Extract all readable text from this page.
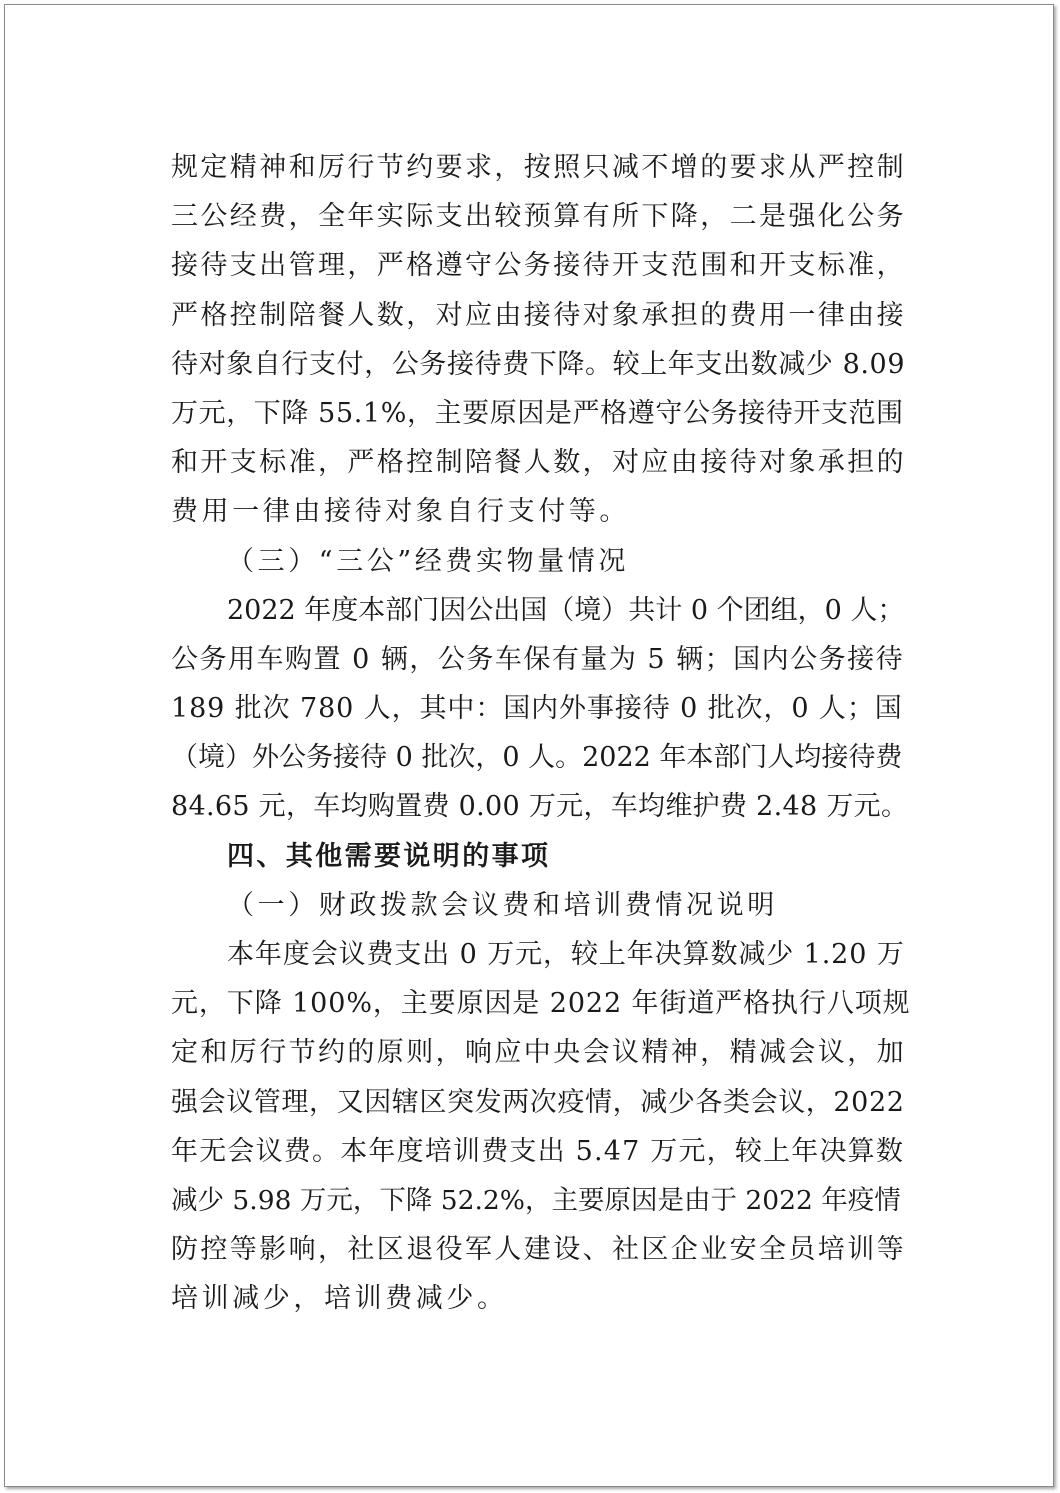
规定精神和厉行节约要求，按照只减不增的要求从严控制
三公经费，全年实际支出较预算有所下降，二是强化公务
接待支出管理，严格遵守公务接待开支范围和开支标准，
严格控制陪餐人数，对应由接待对象承担的费用一律由接
待对象自行支付，公务接待费下降。较上年支出数减少 8.09
万元，下降 55.1%，主要原因是严格遵守公务接待开支范围
和开支标准，严格控制陪餐人数，对应由接待对象承担的
费用一律由接待对象自行支付等。
（三）“三公”经费实物量情况
2022 年度本部门因公出国（境）共计 0 个团组，0 人；
公务用车购置 0 辆，公务车保有量为 5 辆；国内公务接待
189 批次 780 人，其中：国内外事接待 0 批次，0 人；国
（境）外公务接待 0 批次，0 人。2022 年本部门人均接待费
84.65 元，车均购置费 0.00 万元，车均维护费 2.48 万元。
四、其他需要说明的事项
（一）财政拨款会议费和培训费情况说明
本年度会议费支出 0 万元，较上年决算数减少 1.20 万
元，下降 100%，主要原因是 2022 年街道严格执行八项规
定和厉行节约的原则，响应中央会议精神，精减会议，加
强会议管理，又因辖区突发两次疫情，减少各类会议，2022
年无会议费。本年度培训费支出 5.47 万元，较上年决算数
减少 5.98 万元，下降 52.2%，主要原因是由于 2022 年疫情
防控等影响，社区退役军人建设、社区企业安全员培训等
培训减少，培训费减少。
